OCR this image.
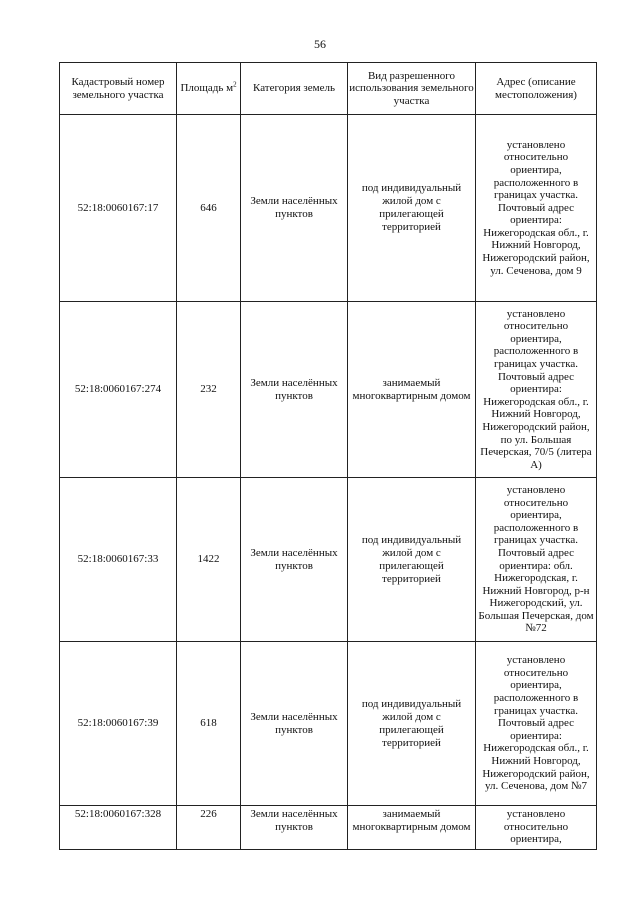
56
Кадастровый номер земельного участка	Площадь $м^2$	Категория земель	Вид разрешенного использования земельного участка	Адрес (описание местоположения)
52:18:0060167:17	646	Земли населённых пунктов	под индивидуальный жилой дом с прилегающей территорией	установлено относительно ориентира, расположенного в границах участка. Почтовый адрес ориентира: Нижегородская обл., г. Нижний Новгород, Нижегородский район, ул. Сеченова, дом 9
52:18:0060167:274	232	Земли населённых пунктов	занимаемый многоквартирным домом	установлено относительно ориентира, расположенного в границах участка. Почтовый адрес ориентира: Нижегородская обл., г. Нижний Новгород, Нижегородский район, по ул. Большая Печерская, 70/5 (литера А)
52:18:0060167:33	1422	Земли населённых пунктов	под индивидуальный жилой дом с прилегающей территорией	установлено относительно ориентира, расположенного в границах участка. Почтовый адрес ориентира: обл. Нижегородская, г. Нижний Новгород, р-н Нижегородский, ул. Большая Печерская, дом №72
52:18:0060167:39	618	Земли населённых пунктов	под индивидуальный жилой дом с прилегающей территорией	установлено относительно ориентира, расположенного в границах участка. Почтовый адрес ориентира: Нижегородская обл., г. Нижний Новгород, Нижегородский район, ул. Сеченова, дом №7
52:18:0060167:328	226	Земли населённых пунктов	занимаемый многоквартирным домом	установлено относительно ориентира,
